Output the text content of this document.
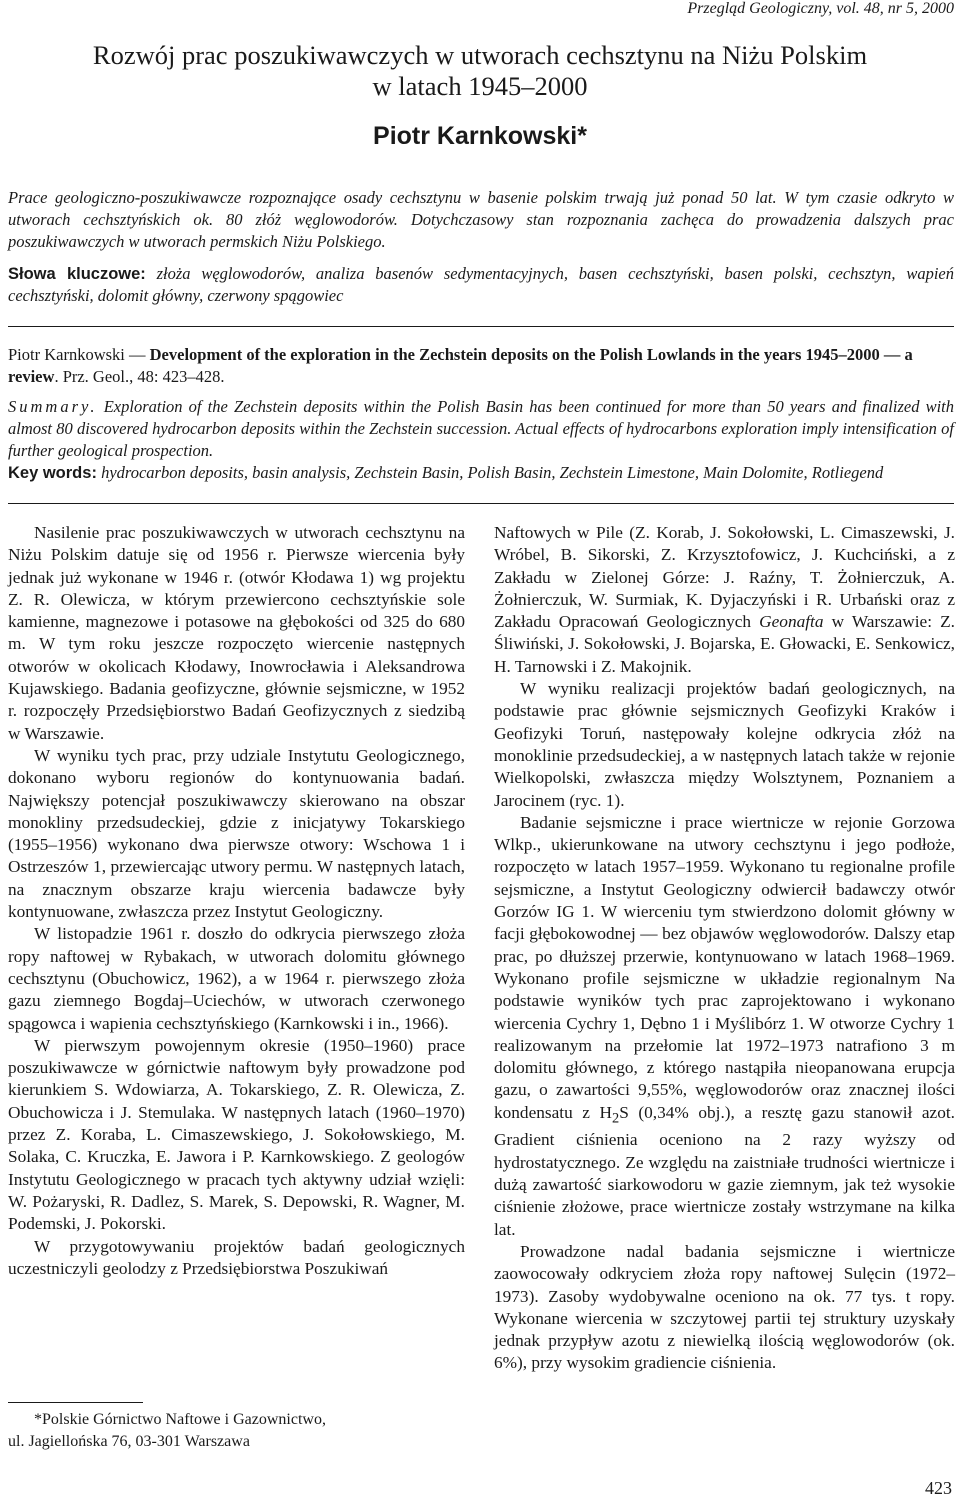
Przegląd Geologiczny, vol. 48, nr 5, 2000
Rozwój prac poszukiwawczych w utworach cechsztynu na Niżu Polskim
w latach 1945–2000
Piotr Karnkowski*

Prace geologiczno-poszukiwawcze rozpoznające osady cechsztynu w basenie polskim trwają już ponad 50 lat. W tym czasie odkryto w utworach cechsztyńskich ok. 80 złóż węglowodorów. Dotychczasowy stan rozpoznania zachęca do prowadzenia dalszych prac poszukiwawczych w utworach permskich Niżu Polskiego.

Słowa kluczowe: złoża węglowodorów, analiza basenów sedymentacyjnych, basen cechsztyński, basen polski, cechsztyn, wapień cechsztyński, dolomit główny, czerwony spągowiec

Piotr Karnkowski — Development of the exploration in the Zechstein deposits on the Polish Lowlands in the years 1945–2000 — a review. Prz. Geol., 48: 423–428.

Summary. Exploration of the Zechstein deposits within the Polish Basin has been continued for more than 50 years and finalized with almost 80 discovered hydrocarbon deposits within the Zechstein succession. Actual effects of hydrocarbons exploration imply intensification of further geological prospection.

Key words: hydrocarbon deposits, basin analysis, Zechstein Basin, Polish Basin, Zechstein Limestone, Main Dolomite, Rotliegend

Nasilenie prac poszukiwawczych w utworach cechsztynu na Niżu Polskim datuje się od 1956 r. Pierwsze wiercenia były jednak już wykonane w 1946 r. (otwór Kłodawa 1) wg projektu Z. R. Olewicza, w którym przewiercono cechsztyńskie sole kamienne, magnezowe i potasowe na głębokości od 325 do 680 m. W tym roku jeszcze rozpoczęto wiercenie następnych otworów w okolicach Kłodawy, Inowrocławia i Aleksandrowa Kujawskiego. Badania geofizyczne, głównie sejsmiczne, w 1952 r. rozpoczęły Przedsiębiorstwo Badań Geofizycznych z siedzibą w Warszawie.

W wyniku tych prac, przy udziale Instytutu Geologicznego, dokonano wyboru regionów do kontynuowania badań. Największy potencjał poszukiwawczy skierowano na obszar monokliny przedsudeckiej, gdzie z inicjatywy Tokarskiego (1955–1956) wykonano dwa pierwsze otwory: Wschowa 1 i Ostrzeszów 1, przewiercając utwory permu. W następnych latach, na znacznym obszarze kraju wiercenia badawcze były kontynuowane, zwłaszcza przez Instytut Geologiczny.

W listopadzie 1961 r. doszło do odkrycia pierwszego złoża ropy naftowej w Rybakach, w utworach dolomitu głównego cechsztynu (Obuchowicz, 1962), a w 1964 r. pierwszego złoża gazu ziemnego Bogdaj–Uciechów, w utworach czerwonego spągowca i wapienia cechsztyńskiego (Karnkowski i in., 1966).

W pierwszym powojennym okresie (1950–1960) prace poszukiwawcze w górnictwie naftowym były prowadzone pod kierunkiem S. Wdowiarza, A. Tokarskiego, Z. R. Olewicza, Z. Obuchowicza i J. Stemulaka. W następnych latach (1960–1970) przez Z. Koraba, L. Cimaszewskiego, J. Sokołowskiego, M. Solaka, C. Kruczka, E. Jawora i P. Karnkowskiego. Z geologów Instytutu Geologicznego w pracach tych aktywny udział wzięli: W. Pożaryski, R. Dadlez, S. Marek, S. Depowski, R. Wagner, M. Podemski, J. Pokorski.

W przygotowywaniu projektów badań geologicznych uczestniczyli geolodzy z Przedsiębiorstwa Poszukiwań

Naftowych w Pile (Z. Korab, J. Sokołowski, L. Cimaszewski, J. Wróbel, B. Sikorski, Z. Krzysztofowicz, J. Kuchciński, a z Zakładu w Zielonej Górze: J. Raźny, T. Żołnierczuk, A. Żołnierczuk, W. Surmiak, K. Dyjaczyński i R. Urbański oraz z Zakładu Opracowań Geologicznych Geonafta w Warszawie: Z. Śliwiński, J. Sokołowski, J. Bojarska, E. Głowacki, E. Senkowicz, H. Tarnowski i Z. Makojnik.

W wyniku realizacji projektów badań geologicznych, na podstawie prac głównie sejsmicznych Geofizyki Kraków i Geofizyki Toruń, następowały kolejne odkrycia złóż na monoklinie przedsudeckiej, a w następnych latach także w rejonie Wielkopolski, zwłaszcza między Wolsztynem, Poznaniem a Jarocinem (ryc. 1).

Badanie sejsmiczne i prace wiertnicze w rejonie Gorzowa Wlkp., ukierunkowane na utwory cechsztynu i jego podłoże, rozpoczęto w latach 1957–1959. Wykonano tu regionalne profile sejsmiczne, a Instytut Geologiczny odwiercił badawczy otwór Gorzów IG 1. W wierceniu tym stwierdzono dolomit główny w facji głębokowodnej — bez objawów węglowodorów. Dalszy etap prac, po dłuższej przerwie, kontynuowano w latach 1968–1969. Wykonano profile sejsmiczne w układzie regionalnym Na podstawie wyników tych prac zaprojektowano i wykonano wiercenia Cychry 1, Dębno 1 i Myślibórz 1. W otworze Cychry 1 realizowanym na przełomie lat 1972–1973 natrafiono 3 m dolomitu głównego, z którego nastąpiła nieopanowana erupcja gazu, o zawartości 9,55%, węglowodorów oraz znacznej ilości kondensatu z $H_2S$ (0,34% obj.), a resztę gazu stanowił azot. Gradient ciśnienia oceniono na 2 razy wyższy od hydrostatycznego. Ze względu na zaistniałe trudności wiertnicze i dużą zawartość siarkowodoru w gazie ziemnym, jak też wysokie ciśnienie złożowe, prace wiertnicze zostały wstrzymane na kilka lat.

Prowadzone nadal badania sejsmiczne i wiertnicze zaowocowały odkryciem złoża ropy naftowej Sulęcin (1972–1973). Zasoby wydobywalne oceniono na ok. 77 tys. t ropy. Wykonane wiercenia w szczytowej partii tej struktury uzyskały jednak przypływ azotu z niewielką ilością węglowodorów (ok. 6%), przy wysokim gradiencie ciśnienia.

*Polskie Górnictwo Naftowe i Gazownictwo,
ul. Jagiellońska 76, 03-301 Warszawa
423
